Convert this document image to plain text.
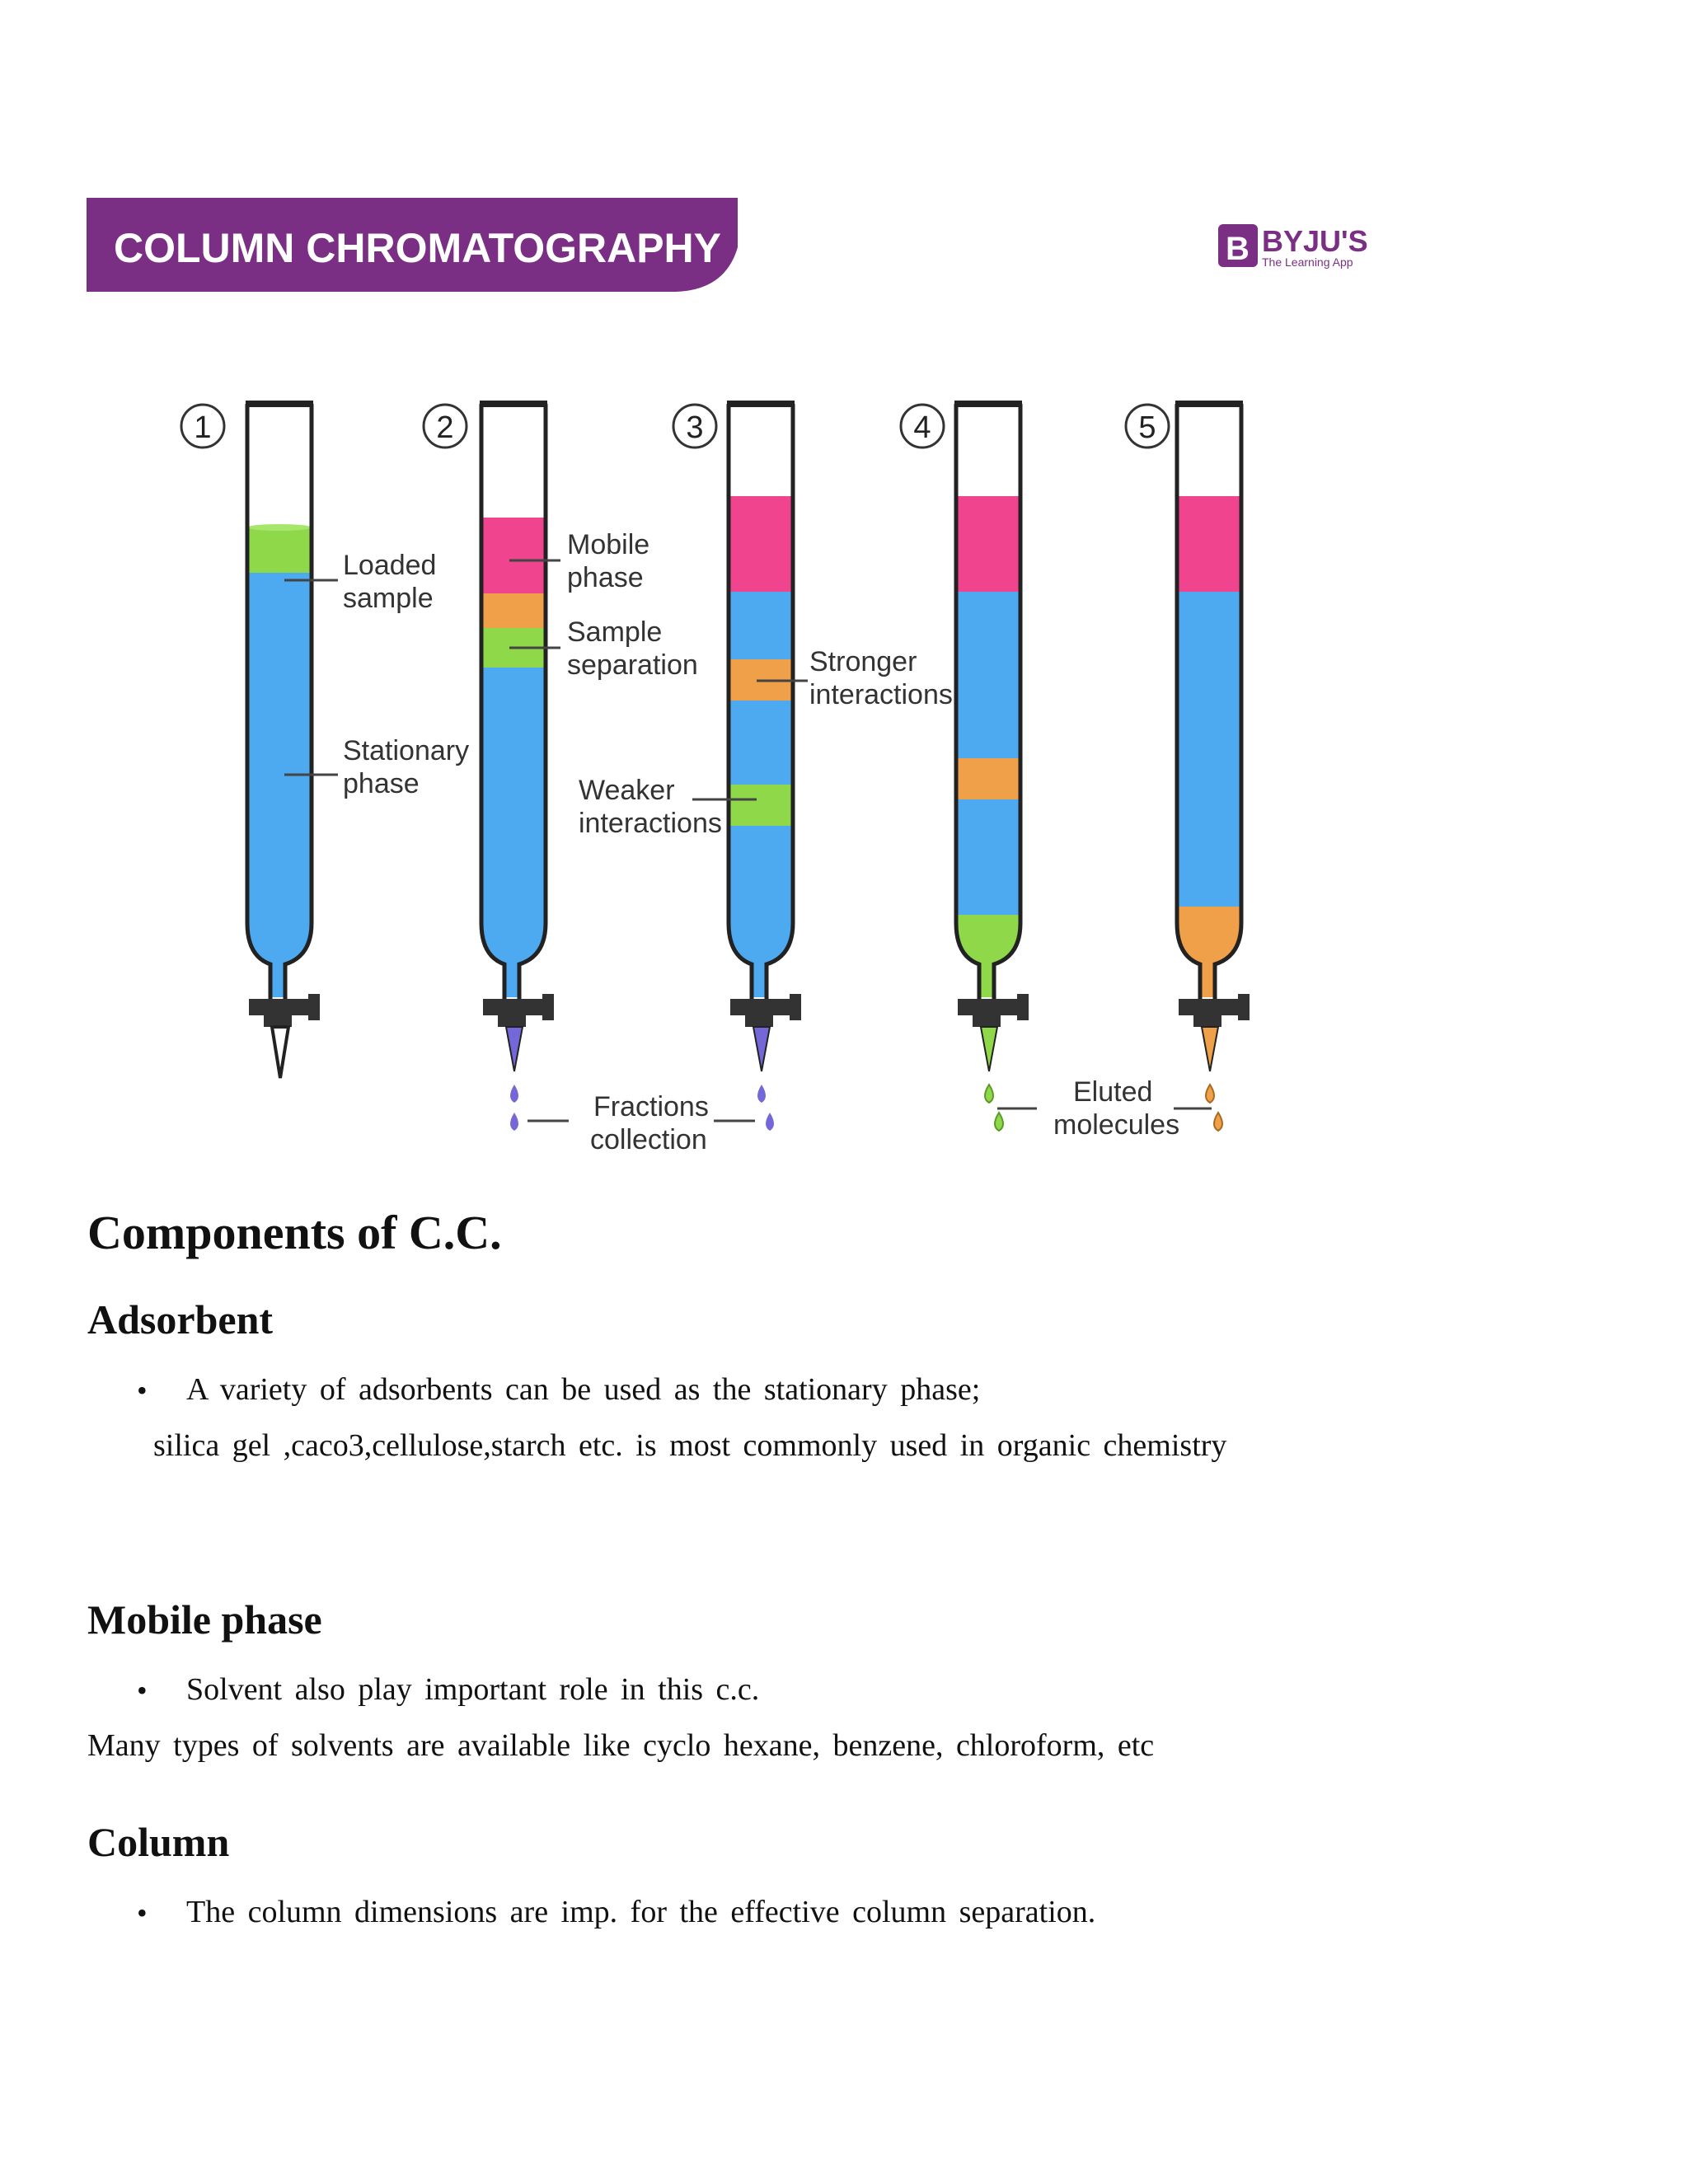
COLUMN CHROMATOGRAPHY	B BYJU'S
The Learning App
1	2	3	4	5
Loaded
sample
Stationary
phase
Mobile
phase
Sample
separation	Stronger
interactions
Weaker
interactions
Fractions
collection
Eluted
molecules
Components of C.C.
Adsorbent
• A variety of adsorbents can be used as the stationary phase;
silica gel ,caco3,cellulose,starch etc. is most commonly used in organic chemistry
Mobile phase
• Solvent also play important role in this c.c.
Many types of solvents are available like cyclo hexane, benzene, chloroform, etc
Column
• The column dimensions are imp. for the effective column separation.
